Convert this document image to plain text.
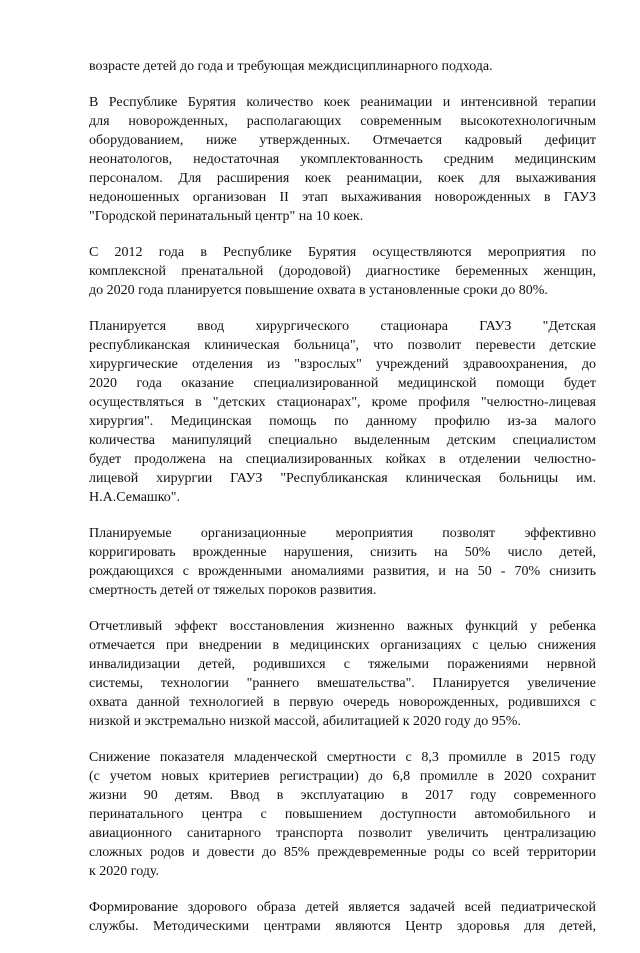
возрасте детей до года и требующая междисциплинарного подхода.
В Республике Бурятия количество коек реанимации и интенсивной терапии
для новорожденных, располагающих современным высокотехнологичным
оборудованием, ниже утвержденных. Отмечается кадровый дефицит
неонатологов, недостаточная укомплектованность средним медицинским
персоналом. Для расширения коек реанимации, коек для выхаживания
недоношенных организован II этап выхаживания новорожденных в ГАУЗ
"Городской перинатальный центр" на 10 коек.
С 2012 года в Республике Бурятия осуществляются мероприятия по
комплексной пренатальной (дородовой) диагностике беременных женщин,
до 2020 года планируется повышение охвата в установленные сроки до 80%.
Планируется ввод хирургического стационара ГАУЗ "Детская
республиканская клиническая больница", что позволит перевести детские
хирургические отделения из "взрослых" учреждений здравоохранения, до
2020 года оказание специализированной медицинской помощи будет
осуществляться в "детских стационарах", кроме профиля "челюстно-лицевая
хирургия". Медицинская помощь по данному профилю из-за малого
количества манипуляций специально выделенным детским специалистом
будет продолжена на специализированных койках в отделении челюстно-
лицевой хирургии ГАУЗ "Республиканская клиническая больницы им.
Н.А.Семашко".
Планируемые организационные мероприятия позволят эффективно
корригировать врожденные нарушения, снизить на 50% число детей,
рождающихся с врожденными аномалиями развития, и на 50 - 70% снизить
смертность детей от тяжелых пороков развития.
Отчетливый эффект восстановления жизненно важных функций у ребенка
отмечается при внедрении в медицинских организациях с целью снижения
инвалидизации детей, родившихся с тяжелыми поражениями нервной
системы, технологии "раннего вмешательства". Планируется увеличение
охвата данной технологией в первую очередь новорожденных, родившихся с
низкой и экстремально низкой массой, абилитацией к 2020 году до 95%.
Снижение показателя младенческой смертности с 8,3 промилле в 2015 году
(с учетом новых критериев регистрации) до 6,8 промилле в 2020 сохранит
жизни 90 детям. Ввод в эксплуатацию в 2017 году современного
перинатального центра с повышением доступности автомобильного и
авиационного санитарного транспорта позволит увеличить централизацию
сложных родов и довести до 85% преждевременные роды со всей территории
к 2020 году.
Формирование здорового образа детей является задачей всей педиатрической
службы. Методическими центрами являются Центр здоровья для детей,
